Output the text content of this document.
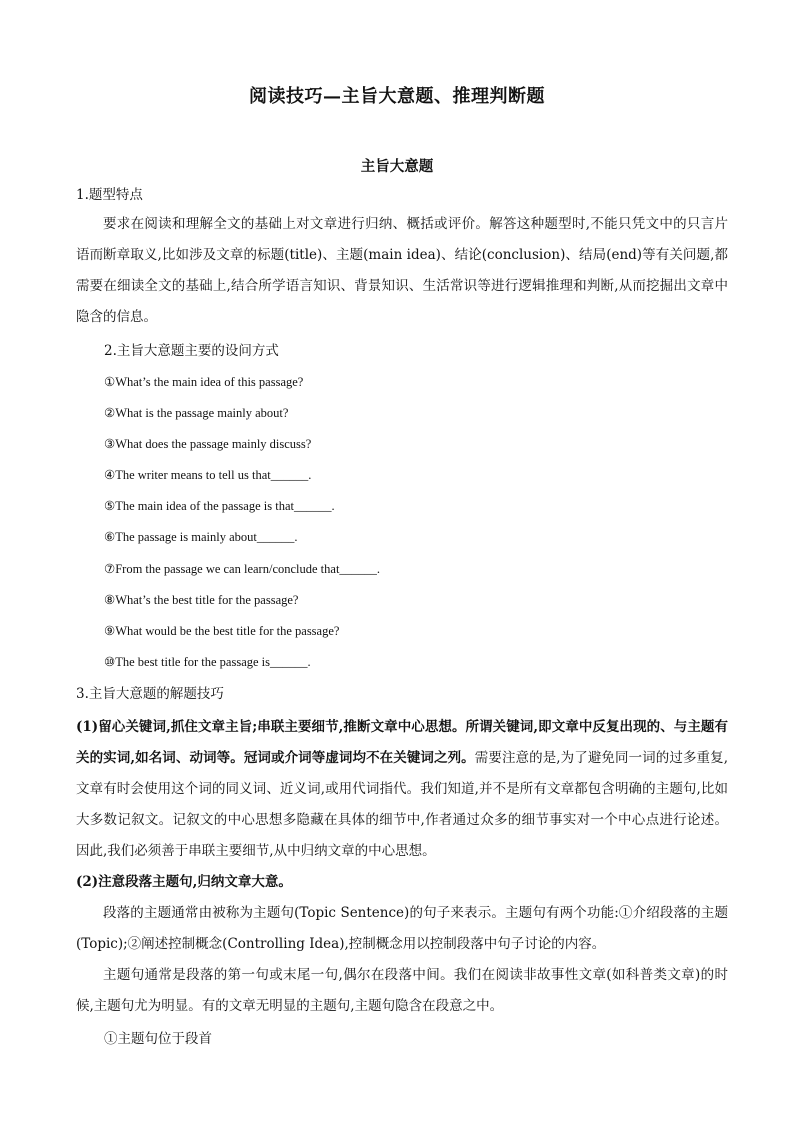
阅读技巧—主旨大意题、推理判断题
主旨大意题
1.题型特点
要求在阅读和理解全文的基础上对文章进行归纳、概括或评价。解答这种题型时,不能只凭文中的只言片语而断章取义,比如涉及文章的标题(title)、主题(main idea)、结论(conclusion)、结局(end)等有关问题,都需要在细读全文的基础上,结合所学语言知识、背景知识、生活常识等进行逻辑推理和判断,从而挖掘出文章中隐含的信息。
2.主旨大意题主要的设问方式
①What’s the main idea of this passage?
②What is the passage mainly about?
③What does the passage mainly discuss?
④The writer means to tell us that______.
⑤The main idea of the passage is that______.
⑥The passage is mainly about______.
⑦From the passage we can learn/conclude that______.
⑧What’s the best title for the passage?
⑨What would be the best title for the passage?
⑩The best title for the passage is______.
3.主旨大意题的解题技巧
(1)留心关键词,抓住文章主旨;串联主要细节,推断文章中心思想。所谓关键词,即文章中反复出现的、与主题有关的实词,如名词、动词等。冠词或介词等虚词均不在关键词之列。需要注意的是,为了避免同一词的过多重复,文章有时会使用这个词的同义词、近义词,或用代词指代。我们知道,并不是所有文章都包含明确的主题句,比如大多数记叙文。记叙文的中心思想多隐藏在具体的细节中,作者通过众多的细节事实对一个中心点进行论述。因此,我们必须善于串联主要细节,从中归纳文章的中心思想。
(2)注意段落主题句,归纳文章大意。
段落的主题通常由被称为主题句(Topic Sentence)的句子来表示。主题句有两个功能:①介绍段落的主题(Topic);②阐述控制概念(Controlling Idea),控制概念用以控制段落中句子讨论的内容。
主题句通常是段落的第一句或末尾一句,偶尔在段落中间。我们在阅读非故事性文章(如科普类文章)的时候,主题句尤为明显。有的文章无明显的主题句,主题句隐含在段意之中。
①主题句位于段首
